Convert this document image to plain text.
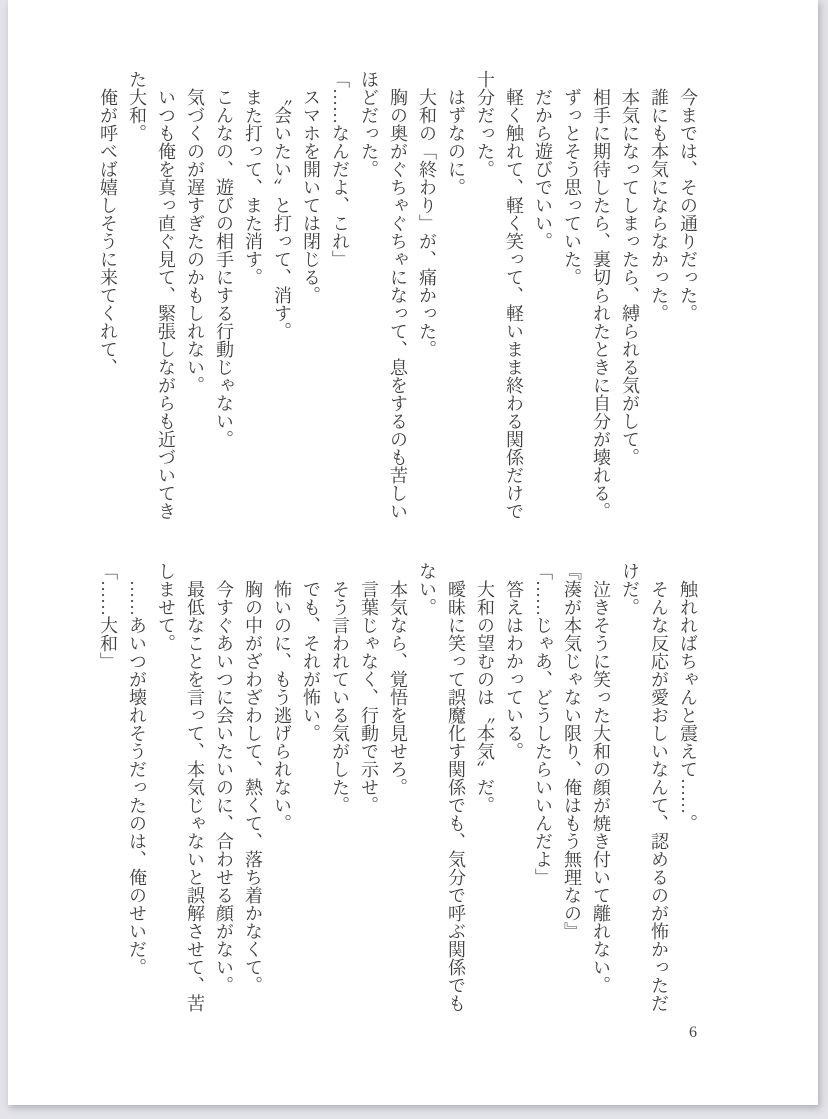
今までは、その通りだった。
誰にも本気にならなかった。
本気になってしまったら、縛られる気がして。
相手に期待したら、裏切られたときに自分が壊れる。
ずっとそう思っていた。
だから遊びでいい。
軽く触れて、軽く笑って、軽いまま終わる関係だけで
十分だった。
はずなのに。
大和の「終わり」が、痛かった。
胸の奥がぐちゃぐちゃになって、息をするのも苦しい
ほどだった。
「……なんだよ、これ」
スマホを開いては閉じる。
〝会いたい〟と打って、消す。
また打って、また消す。
こんなの、遊びの相手にする行動じゃない。
気づくのが遅すぎたのかもしれない。
いつも俺を真っ直ぐ見て、緊張しながらも近づいてき
た大和。
俺が呼べば嬉しそうに来てくれて、
触れればちゃんと震えて……。
そんな反応が愛おしいなんて、認めるのが怖かっただ
けだ。
泣きそうに笑った大和の顔が焼き付いて離れない。
『湊が本気じゃない限り、俺はもう無理なの』
「……じゃあ、どうしたらいいんだよ」
答えはわかっている。
大和の望むのは〝本気〟だ。
曖昧に笑って誤魔化す関係でも、気分で呼ぶ関係でも
ない。
本気なら、覚悟を見せろ。
言葉じゃなく、行動で示せ。
そう言われている気がした。
でも、それが怖い。
怖いのに、もう逃げられない。
胸の中がざわざわして、熱くて、落ち着かなくて。
今すぐあいつに会いたいのに、合わせる顔がない。
最低なことを言って、本気じゃないと誤解させて、苦
しませて。
……あいつが壊れそうだったのは、俺のせいだ。
「……大和」
6
